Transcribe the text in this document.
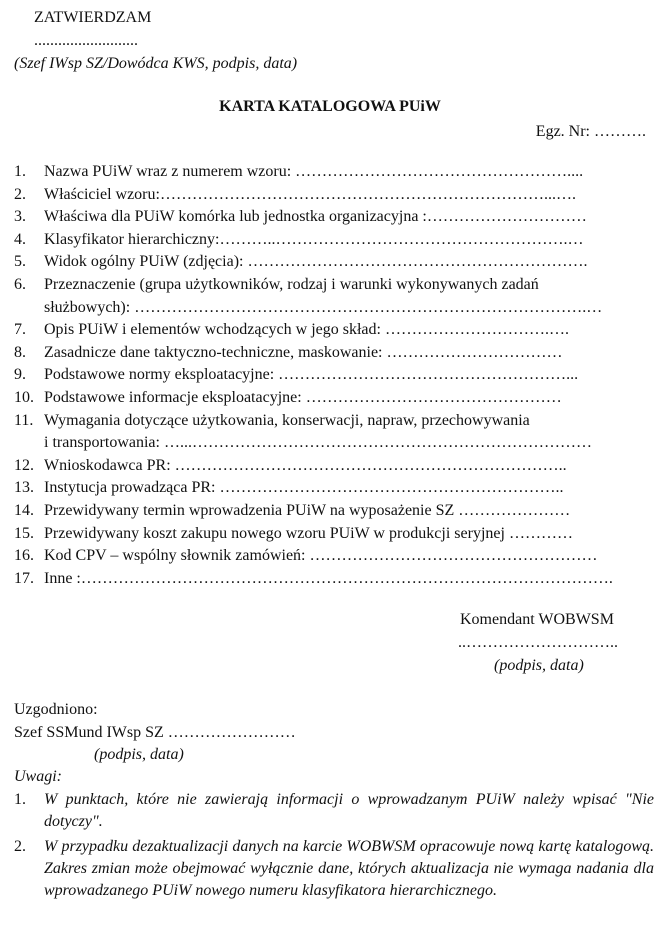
ZATWIERDZAM
..........................
(Szef IWsp SZ/Dowódca KWS, podpis, data)
KARTA KATALOGOWA PUiW
Egz. Nr: ……….
1. Nazwa PUiW wraz z numerem wzoru: ……………………………………………....
2. Właściciel wzoru:………………………………………………………………...….
3. Właściwa dla PUiW komórka lub jednostka organizacyjna :…………………………
4. Klasyfikator hierarchiczny:………..……………………………………………….…
5. Widok ogólny PUiW (zdjęcia): ……………………………………………………….
6. Przeznaczenie (grupa użytkowników, rodzaj i warunki wykonywanych zadań
służbowych): ………………………………………………………………………….…
7. Opis PUiW i elementów wchodzących w jego skład: ………………………….….
8. Zasadnicze dane taktyczno-techniczne, maskowanie: ……………………………
9. Podstawowe normy eksploatacyjne: ………………………………………………...
10. Podstawowe informacje eksploatacyjne: …………………………………………
11. Wymagania dotyczące użytkowania, konserwacji, napraw, przechowywania
i transportowania: …...…………………………………………………………………
12. Wnioskodawca PR: ………………………………………………………………..
13. Instytucja prowadząca PR: ………………………………………………………..
14. Przewidywany termin wprowadzenia PUiW na wyposażenie SZ …………………
15. Przewidywany koszt zakupu nowego wzoru PUiW w produkcji seryjnej …………
16. Kod CPV – wspólny słownik zamówień: ………………………………………………
17. Inne :……………………………………………………………………………………….
Komendant WOBWSM
..………………………..
(podpis, data)
Uzgodniono:
Szef SSMund IWsp SZ ……………………
(podpis, data)
Uwagi:
1. W punktach, które nie zawierają informacji o wprowadzanym PUiW należy wpisać "Nie dotyczy".
2. W przypadku dezaktualizacji danych na karcie WOBWSM opracowuje nową kartę katalogową. Zakres zmian może obejmować wyłącznie dane, których aktualizacja nie wymaga nadania dla wprowadzanego PUiW nowego numeru klasyfikatora hierarchicznego.
